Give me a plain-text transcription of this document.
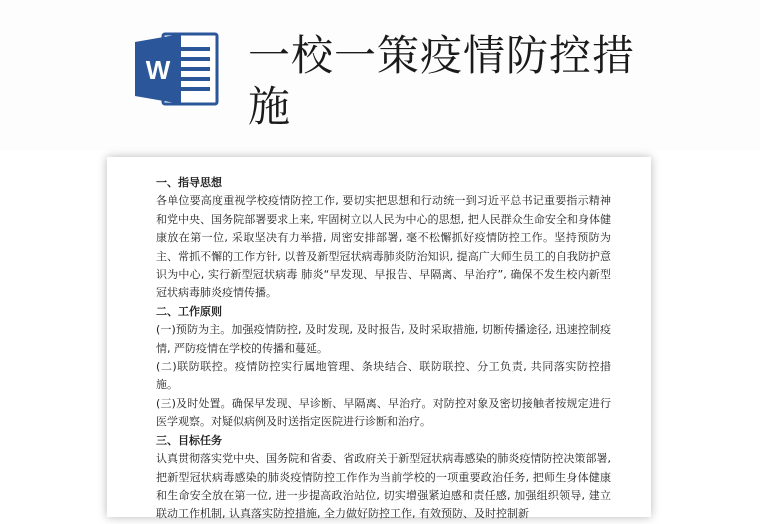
W 一校一策疫情防控措施

一、指导思想

各单位要高度重视学校疫情防控工作, 要切实把思想和行动统一到习近平总书记重要指示精神和党中央、国务院部署要求上来, 牢固树立以人民为中心的思想, 把人民群众生命安全和身体健康放在第一位, 采取坚决有力举措, 周密安排部署, 毫不松懈抓好疫情防控工作。坚持预防为主、常抓不懈的工作方针, 以普及新型冠状病毒肺炎防治知识, 提高广大师生员工的自我防护意识为中心, 实行新型冠状病毒 肺炎“早发现、早报告、早隔离、早治疗”, 确保不发生校内新型冠状病毒肺炎疫情传播。

二、工作原则

(一)预防为主。加强疫情防控, 及时发现, 及时报告, 及时采取措施, 切断传播途径, 迅速控制疫情, 严防疫情在学校的传播和蔓延。

(二)联防联控。疫情防控实行属地管理、条块结合、联防联控、分工负责, 共同落实防控措施。

(三)及时处置。确保早发现、早诊断、早隔离、早治疗。对防控对象及密切接触者按规定进行医学观察。对疑似病例及时送指定医院进行诊断和治疗。

三、目标任务

认真贯彻落实党中央、国务院和省委、省政府关于新型冠状病毒感染的肺炎疫情防控决策部署, 把新型冠状病毒感染的肺炎疫情防控工作作为当前学校的一项重要政治任务, 把师生身体健康和生命安全放在第一位, 进一步提高政治站位, 切实增强紧迫感和责任感, 加强组织领导, 建立联动工作机制, 认真落实防控措施, 全力做好防控工作, 有效预防、及时控制新
